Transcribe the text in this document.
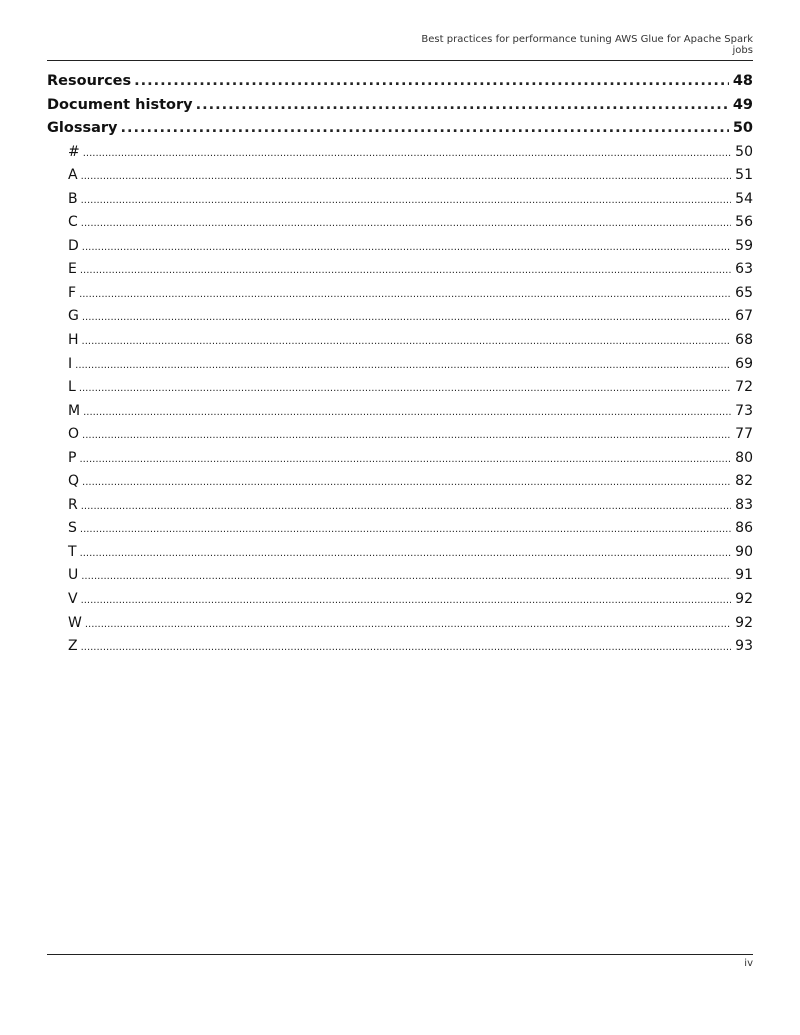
Best practices for performance tuning AWS Glue for Apache Spark
jobs
Resources .....	48
Document history .....	49
Glossary .....	50
# .....	50
A .....	51
B .....	54
C .....	56
D .....	59
E .....	63
F .....	65
G .....	67
H .....	68
I .....	69
L .....	72
M .....	73
O .....	77
P .....	80
Q .....	82
R .....	83
S .....	86
T .....	90
U .....	91
V .....	92
W .....	92
Z .....	93
iv
